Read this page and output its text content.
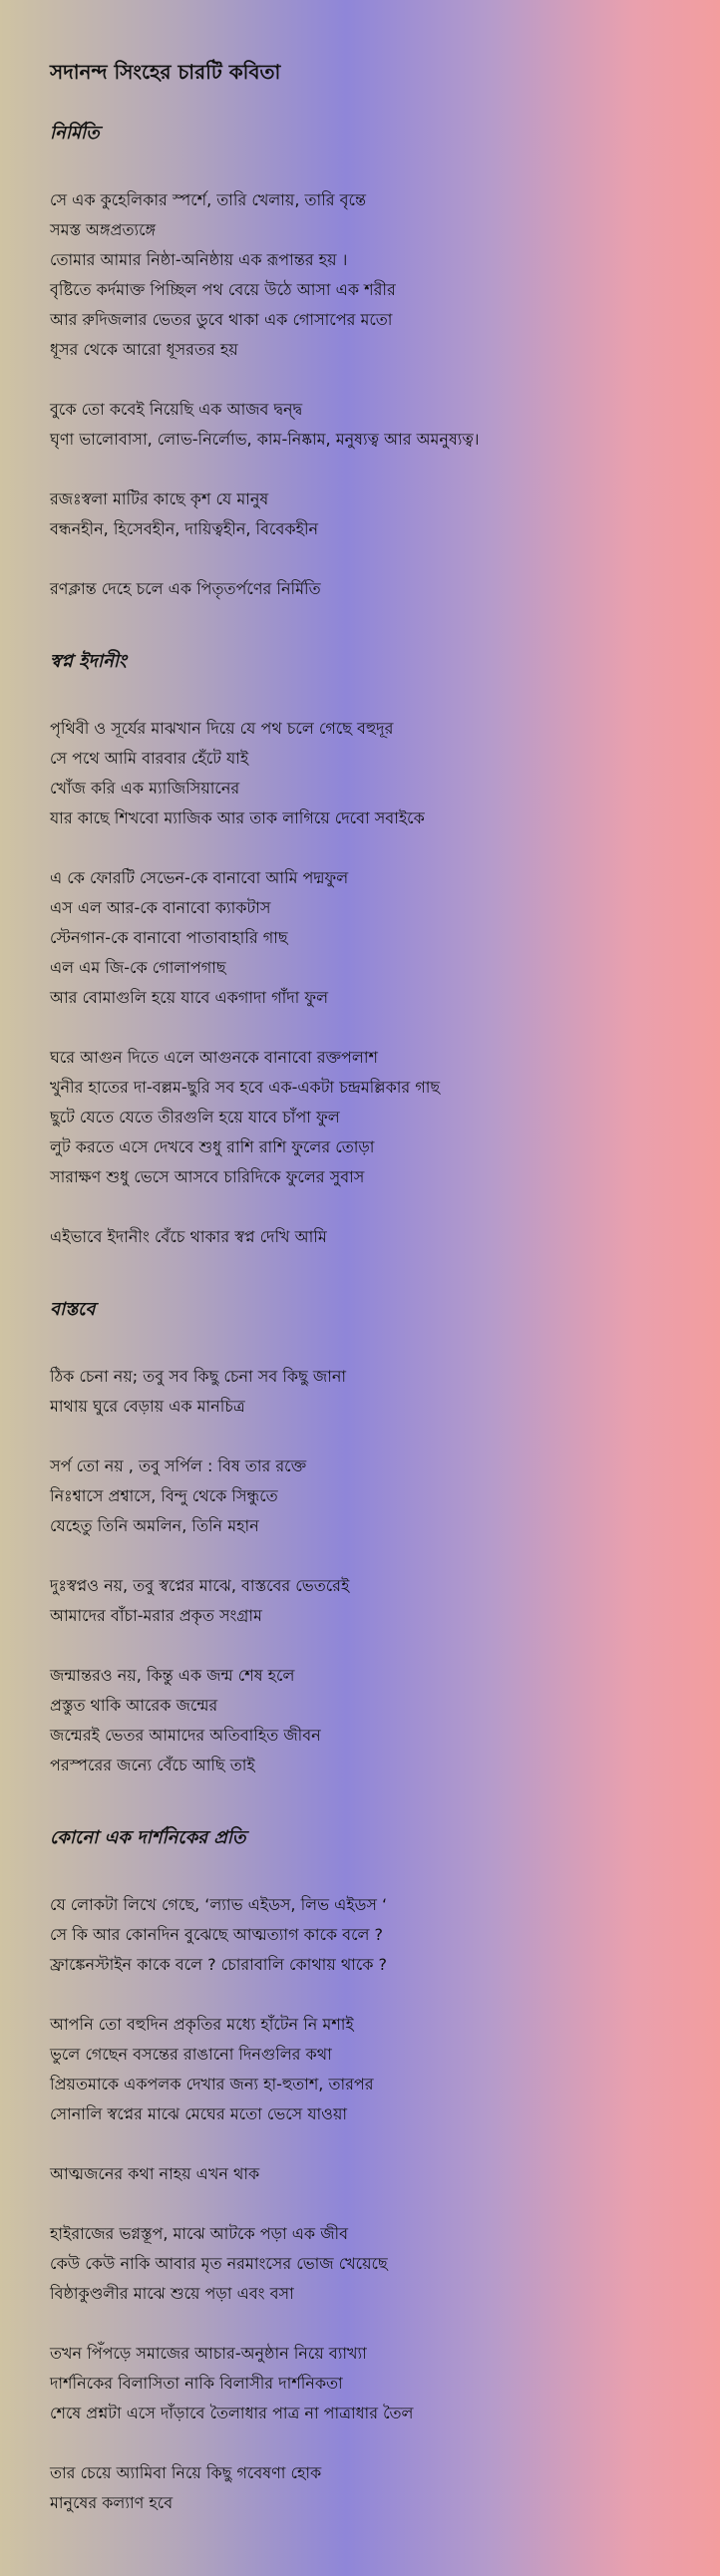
সদানন্দ সিংহের চারটি কবিতা
নির্মিতি
সে এক কুহেলিকার স্পর্শে, তারি খেলায়, তারি বৃন্তে
সমস্ত অঙ্গপ্রত্যঙ্গে
তোমার আমার নিষ্ঠা-অনিষ্ঠায় এক রূপান্তর হয় ।
বৃষ্টিতে কর্দমাক্ত পিচ্ছিল পথ বেয়ে উঠে আসা এক শরীর
আর রুদিজলার ভেতর ডুবে থাকা এক গোসাপের মতো
ধূসর থেকে আরো ধূসরতর হয়
বুকে তো কবেই নিয়েছি এক আজব দ্বন্দ্ব
ঘৃণা ভালোবাসা, লোভ-নির্লোভ, কাম-নিষ্কাম, মনুষ্যত্ব আর অমনুষ্যত্ব।
রজঃস্বলা মাটির কাছে কৃশ যে মানুষ
বন্ধনহীন, হিসেবহীন, দায়িত্বহীন, বিবেকহীন
রণক্লান্ত দেহে চলে এক পিতৃতর্পণের নির্মিতি
স্বপ্ন ইদানীং
পৃথিবী ও সূর্যের মাঝখান দিয়ে যে পথ চলে গেছে বহুদূর
সে পথে আমি বারবার হেঁটে যাই
খোঁজ করি এক ম্যাজিসিয়ানের
যার কাছে শিখবো ম্যাজিক আর তাক লাগিয়ে দেবো সবাইকে
এ কে ফোরটি সেভেন-কে বানাবো আমি পদ্মফুল
এস এল আর-কে বানাবো ক্যাকটাস
স্টেনগান-কে বানাবো পাতাবাহারি গাছ
এল এম জি-কে গোলাপগাছ
আর বোমাগুলি হয়ে যাবে একগাদা গাঁদা ফুল
ঘরে আগুন দিতে এলে আগুনকে বানাবো রক্তপলাশ
খুনীর হাতের দা-বল্লম-ছুরি সব হবে এক-একটা চন্দ্রমল্লিকার গাছ
ছুটে যেতে যেতে তীরগুলি হয়ে যাবে চাঁপা ফুল
লুট করতে এসে দেখবে শুধু রাশি রাশি ফুলের তোড়া
সারাক্ষণ শুধু ভেসে আসবে চারিদিকে ফুলের সুবাস
এইভাবে ইদানীং বেঁচে থাকার স্বপ্ন দেখি আমি
বাস্তবে
ঠিক চেনা নয়; তবু সব কিছু চেনা সব কিছু জানা
মাথায় ঘুরে বেড়ায় এক মানচিত্র
সর্প তো নয় , তবু সর্পিল : বিষ তার রক্তে
নিঃশ্বাসে প্রশ্বাসে, বিন্দু থেকে সিন্ধুতে
যেহেতু তিনি অমলিন, তিনি মহান
দুঃস্বপ্নও নয়, তবু স্বপ্নের মাঝে, বাস্তবের ভেতরেই
আমাদের বাঁচা-মরার প্রকৃত সংগ্রাম
জন্মান্তরও নয়, কিন্তু এক জন্ম শেষ হলে
প্রস্তুত থাকি আরেক জন্মের
জন্মেরই ভেতর আমাদের অতিবাহিত জীবন
পরস্পরের জন্যে বেঁচে আছি তাই
কোনো এক দার্শনিকের প্রতি
যে লোকটা লিখে গেছে, ‘ল্যাভ এইডস, লিভ এইডস ‘
সে কি আর কোনদিন বুঝেছে আত্মত্যাগ কাকে বলে ?
ফ্রাঙ্কেনস্টাইন কাকে বলে ? চোরাবালি কোথায় থাকে ?
আপনি তো বহুদিন প্রকৃতির মধ্যে হাঁটেন নি মশাই
ভুলে গেছেন বসন্তের রাঙানো দিনগুলির কথা
প্রিয়তমাকে একপলক দেখার জন্য হা-হুতাশ, তারপর
সোনালি স্বপ্নের মাঝে মেঘের মতো ভেসে যাওয়া
আত্মজনের কথা নাহয় এখন থাক
হাইরাজের ভগ্নস্তূপ, মাঝে আটকে পড়া এক জীব
কেউ কেউ নাকি আবার মৃত নরমাংসের ভোজ খেয়েছে
বিষ্ঠাকুণ্ডলীর মাঝে শুয়ে পড়া এবং বসা
তখন পিঁপড়ে সমাজের আচার-অনুষ্ঠান নিয়ে ব্যাখ্যা
দার্শনিকের বিলাসিতা নাকি বিলাসীর দার্শনিকতা
শেষে প্রশ্নটা এসে দাঁড়াবে তৈলাধার পাত্র না পাত্রাধার তৈল
তার চেয়ে অ্যামিবা নিয়ে কিছু গবেষণা হোক
মানুষের কল্যাণ হবে
